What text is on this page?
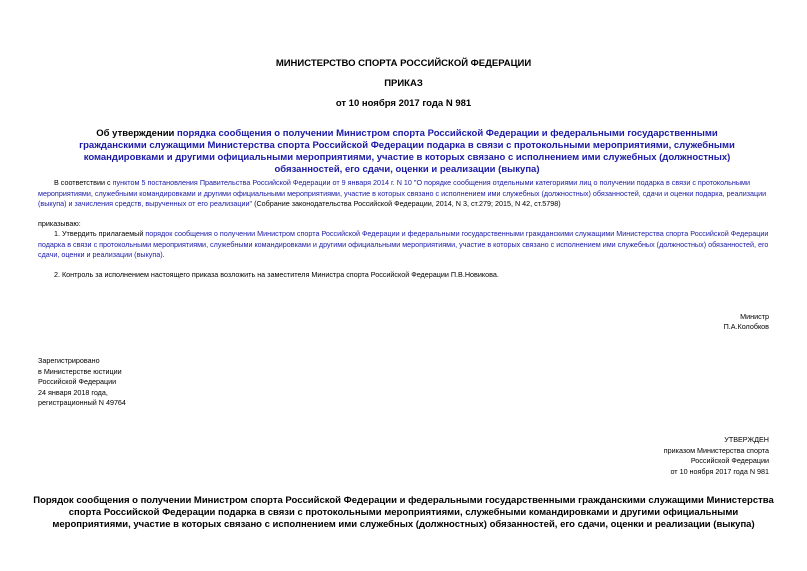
МИНИСТЕРСТВО СПОРТА РОССИЙСКОЙ ФЕДЕРАЦИИ
ПРИКАЗ
от 10 ноября 2017 года N 981
Об утверждении порядка сообщения о получении Министром спорта Российской Федерации и федеральными государственными гражданскими служащими Министерства спорта Российской Федерации подарка в связи с протокольными мероприятиями, служебными командировками и другими официальными мероприятиями, участие в которых связано с исполнением ими служебных (должностных) обязанностей, его сдачи, оценки и реализации (выкупа)
В соответствии с пунктом 5 постановления Правительства Российской Федерации от 9 января 2014 г. N 10 "О порядке сообщения отдельными категориями лиц о получении подарка в связи с протокольными мероприятиями, служебными командировками и другими официальными мероприятиями, участие в которых связано с исполнением ими служебных (должностных) обязанностей, сдачи и оценки подарка, реализации (выкупа) и зачисления средств, вырученных от его реализации" (Собрание законодательства Российской Федерации, 2014, N 3, ст.279; 2015, N 42, ст.5798)
приказываю:
1. Утвердить прилагаемый порядок сообщения о получении Министром спорта Российской Федерации и федеральными государственными гражданскими служащими Министерства спорта Российской Федерации подарка в связи с протокольными мероприятиями, служебными командировками и другими официальными мероприятиями, участие в которых связано с исполнением ими служебных (должностных) обязанностей, его сдачи, оценки и реализации (выкупа).
2. Контроль за исполнением настоящего приказа возложить на заместителя Министра спорта Российской Федерации П.В.Новикова.
Министр
П.А.Колобков
Зарегистрировано
в Министерстве юстиции
Российской Федерации
24 января 2018 года,
регистрационный N 49764
УТВЕРЖДЕН
приказом Министерства спорта
Российской Федерации
от 10 ноября 2017 года N 981
Порядок сообщения о получении Министром спорта Российской Федерации и федеральными государственными гражданскими служащими Министерства спорта Российской Федерации подарка в связи с протокольными мероприятиями, служебными командировками и другими официальными мероприятиями, участие в которых связано с исполнением ими служебных (должностных) обязанностей, его сдачи, оценки и реализации (выкупа)
